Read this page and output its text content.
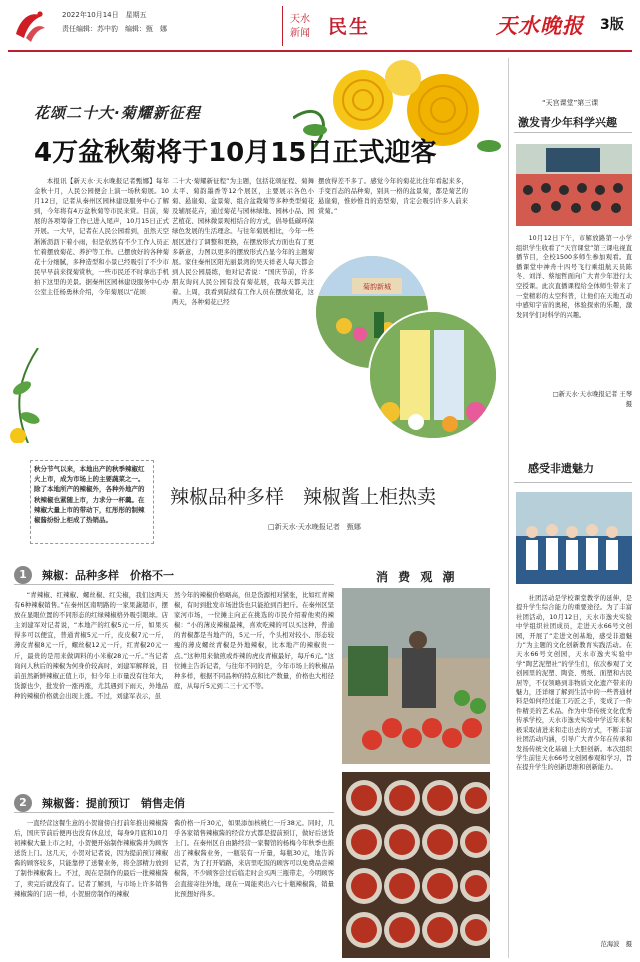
2022年10月14日　星期五
责任编辑：苏中豹　编辑：甄　娜
天水
新闻 民生	天水晚报 3版
花颂二十大·菊耀新征程
4万盆秋菊将于10月15日正式迎客

本报讯【新天水·天水晚报记者甄娜】每年金秋十月，人民公园便会上演一场秋菊展。10月12日，记者从秦州区园林建设服务中心了解到，今年将有4万盆秋菊等市民来赏。目前，菊展的各项筹备工作已进入尾声，10月15日正式开展。一大早，记者在人民公园看到，虽然天空淅淅沥沥下着小雨，但是依然有不少工作人员正忙着摆放菊花、养护等工作。已摆放好的各种菊花十分细腻，多种造型和小景已经吸引了不少市民早早前来探菊赏秋，一些市民还不时拿出手机拍下这里的美景。据秦州区园林建设服务中心办公室主任杨勇林介绍，今年菊展以“花颂

二十大·菊耀新征程”为主题，包括花颂征程、菊舞太平、菊韵墨香等12个展区，主要展示各色小菊、悬崖菊、盆景菊、组合盆栽菊等多种类型菊花及辅展花卉，通过菊花与园林绿地、园林小品、园艺植花、园林微景观相结合的方式，倡导低碳环保绿色发展的生活理念。与往年菊展相比，今年一些展区进行了调整和更换，在摆放形式方面也有了更多新意，力图以更多的摆放形式凸显今年的主题菊展。家住秦州区阳光丽景湾的吴天祥老人每天都会到人民公园晨练，他对记者说：“国庆节前，许多朋友询问人民公园有没有菊花展，我每天都关注着。上周，我看到陆续有工作人员在摆放菊花，这两天，各种菊花已经

摆放得差不多了。感觉今年的菊花比往年看起来多，手变百态的品种菊，别具一格的盆景菊，都是菊艺的悬崖菊，惟妙惟肖的造型菊，肯定会吸引许多人前来赏菊。”

菊韵新城
秋分节气以来，本地出产的秋季辣椒红火上市，成为市场上的主要蔬菜之一。除了本地所产的辣椒外，各种外地产的秋辣椒也紧随上市，力求分一杯羹。在辣椒大量上市的带动下，红彤彤的制辣椒酱纷纷上柜成了热销品。
辣椒品种多样　辣椒酱上柜热卖
□新天水·天水晚报记者　甄娜
1	辣椒：品种多样　价格不一

“青辣椒、红辣椒、螺丝椒、红尖椒，我们这两天有6种辣椒销售。”在秦州区南明路的一家果蔬超市，摆放在显眼位置的不同形态的红绿辣椒格外吸引眼球。店主刘建军对记者说，“本地产的红椒5元一斤，如果买得多可以便宜，普通青椒5元一斤，皮皮椒7元一斤，薄皮青椒8元一斤，螺丝椒12元一斤，红青椒20元一斤，最贵的是用来做调料的小米椒28元一斤。”当记者询问人秋后的辣椒为何身价较高时，刘建军解释说，目前虽然新鲜辣椒正值上市，但今年上市量没有往年大，货源也少，批发价一涨再涨，尤其遇到下雨天，外地品种的辣椒价格就会出现上涨。不过，刘建军表示，虽

然今年的辣椒价格略高，但是货源相对紧张，比如红青辣椒，有时到批发市场进货也只能抢到百把斤。在秦州区坚家河市场，一位摊主向正在挑选的市民介绍着他卖的辣椒：“小的薄皮辣椒最辣，喜欢吃辣的可以买这种，普通的青椒都是当地产的，5元一斤，个头相对较小、形态较瘦的薄皮螺丝青椒是外地辣椒，比本地产的辣椒贵一点。”这种用来做煎或炸辣的虎皮青椒最好，每斤6元。”这位摊主告诉记者，与往年不同的是，今年市场上的秋椒品种多样，根据不同品种的特点和比产数量，价格也大相径庭，从每斤5元到二三十元不等。

消 费 观 潮
2	辣椒酱：提前预订　销售走俏

一直经营这餐生意的小贺谢傍自打前年推出辣椒酱后，国庆节前后便再也没有休息过，每身9月底和10月初辣椒大量上市之时，小贺便开始制作辣椒酱并为顾客送货上门。这几天，小贺对记者说，因为提前预订辣椒酱的顾客较多，只能靠停了送餐业务，将全部精力放到了制作辣椒酱上。不过，现在是制作的最后一批辣椒酱了，卖完后就没有了。记者了解到，与市场上许多销售辣椒酱的门店一样，小贺厨房制作的辣椒

酱价格一斤30元，如果添加核桃仁一斤38元。同时，几乎各家销售辣椒酱的经营方式都是提前预订，做好后送货上门。在秦州区自由路经营一家餐馆的杨梅今年秋季也推出了辣椒酱业务，一瓶装有一斤量，每瓶30元，地告诉记者，为了打开销路，来店里吃饭的顾客可以免费品尝辣椒酱，不少顾客尝过后临走时会买两三瓶带走，今明顾客会直接寄往外地，现在一周能卖出六七十瓶辣椒酱，销量比预想好得多。

“天宫课堂”第三课
激发青少年科学兴趣

10月12日下午，市解放路第一小学组织学生收看了“天宫课堂”第三课电视直播节目，全校1500多师生参加观看。直播课堂中神舟十四号飞行乘组航天员陈冬、刘洋、蔡旭哲面向广大青少年进行太空授课。此次直播课程给全体师生带来了一堂精彩的太空科普，让他们在天地互动中感知宇宙的奥秘，体验探索的乐趣，激发同学们对科学的兴趣。

□新天水·天水晚报记者 王琴　摄
感受非遗魅力

社团活动是学校课堂教学的延伸，是提升学生综合能力的重要途径。为了丰富社团活动，10月12日，天水市逸夫实验中学组织社团成员，走进天水66号文创园，开展了“走进文创基地，感受非遗魅力”为主题的文化创新教育实践活动。在天水66号文创园，天水市逸夫实验中学“陶艺泥塑社”的学生们，依次参观了文创园里的泥塑、陶瓷、剪纸、面塑和古民居等，不仅领略到非物质文化遗产带来的魅力，还详细了解到生活中的一些普通材料是如何经过能工巧匠之手，变成了一件件精美的艺术品。作为中华传统文化优秀传承学校，天水市逸夫实验中学近年来积极采取请进来和走出去的方式，不断丰富社团活动内涵，引导广大青少年在传承和发扬传统文化基础上大胆创新。本次组织学生前往天水66号文创园参观和学习，旨在提升学生的创新思维和创新能力。

范海波　摄
